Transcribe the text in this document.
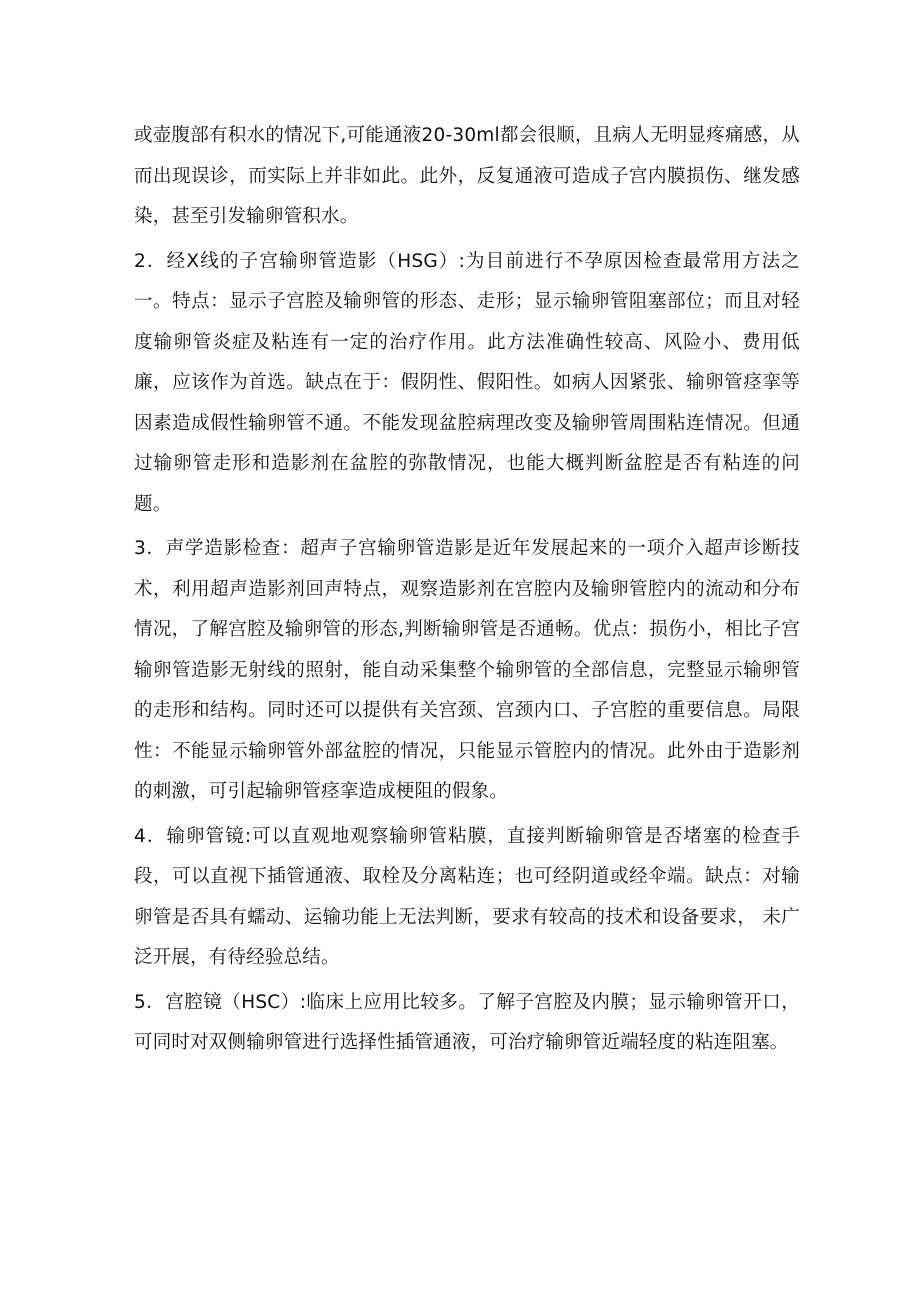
或壶腹部有积水的情况下,可能通液20-30ml都会很顺，且病人无明显疼痛感，从而出现误诊，而实际上并非如此。此外，反复通液可造成子宫内膜损伤、继发感染，甚至引发输卵管积水。

2．经X线的子宫输卵管造影（HSG）:为目前进行不孕原因检查最常用方法之一。特点：显示子宫腔及输卵管的形态、走形；显示输卵管阻塞部位；而且对轻度输卵管炎症及粘连有一定的治疗作用。此方法准确性较高、风险小、费用低廉，应该作为首选。缺点在于：假阴性、假阳性。如病人因紧张、输卵管痉挛等因素造成假性输卵管不通。不能发现盆腔病理改变及输卵管周围粘连情况。但通过输卵管走形和造影剂在盆腔的弥散情况，也能大概判断盆腔是否有粘连的问题。

3．声学造影检查：超声子宫输卵管造影是近年发展起来的一项介入超声诊断技术，利用超声造影剂回声特点，观察造影剂在宫腔内及输卵管腔内的流动和分布情况，了解宫腔及输卵管的形态,判断输卵管是否通畅。优点：损伤小，相比子宫输卵管造影无射线的照射，能自动采集整个输卵管的全部信息，完整显示输卵管的走形和结构。同时还可以提供有关宫颈、宫颈内口、子宫腔的重要信息。局限性：不能显示输卵管外部盆腔的情况，只能显示管腔内的情况。此外由于造影剂的刺激，可引起输卵管痉挛造成梗阻的假象。

4．输卵管镜:可以直观地观察输卵管粘膜，直接判断输卵管是否堵塞的检查手段，可以直视下插管通液、取栓及分离粘连；也可经阴道或经伞端。缺点：对输卵管是否具有蠕动、运输功能上无法判断，要求有较高的技术和设备要求， 未广泛开展，有待经验总结。

5．宫腔镜（HSC）:临床上应用比较多。了解子宫腔及内膜；显示输卵管开口，可同时对双侧输卵管进行选择性插管通液，可治疗输卵管近端轻度的粘连阻塞。
